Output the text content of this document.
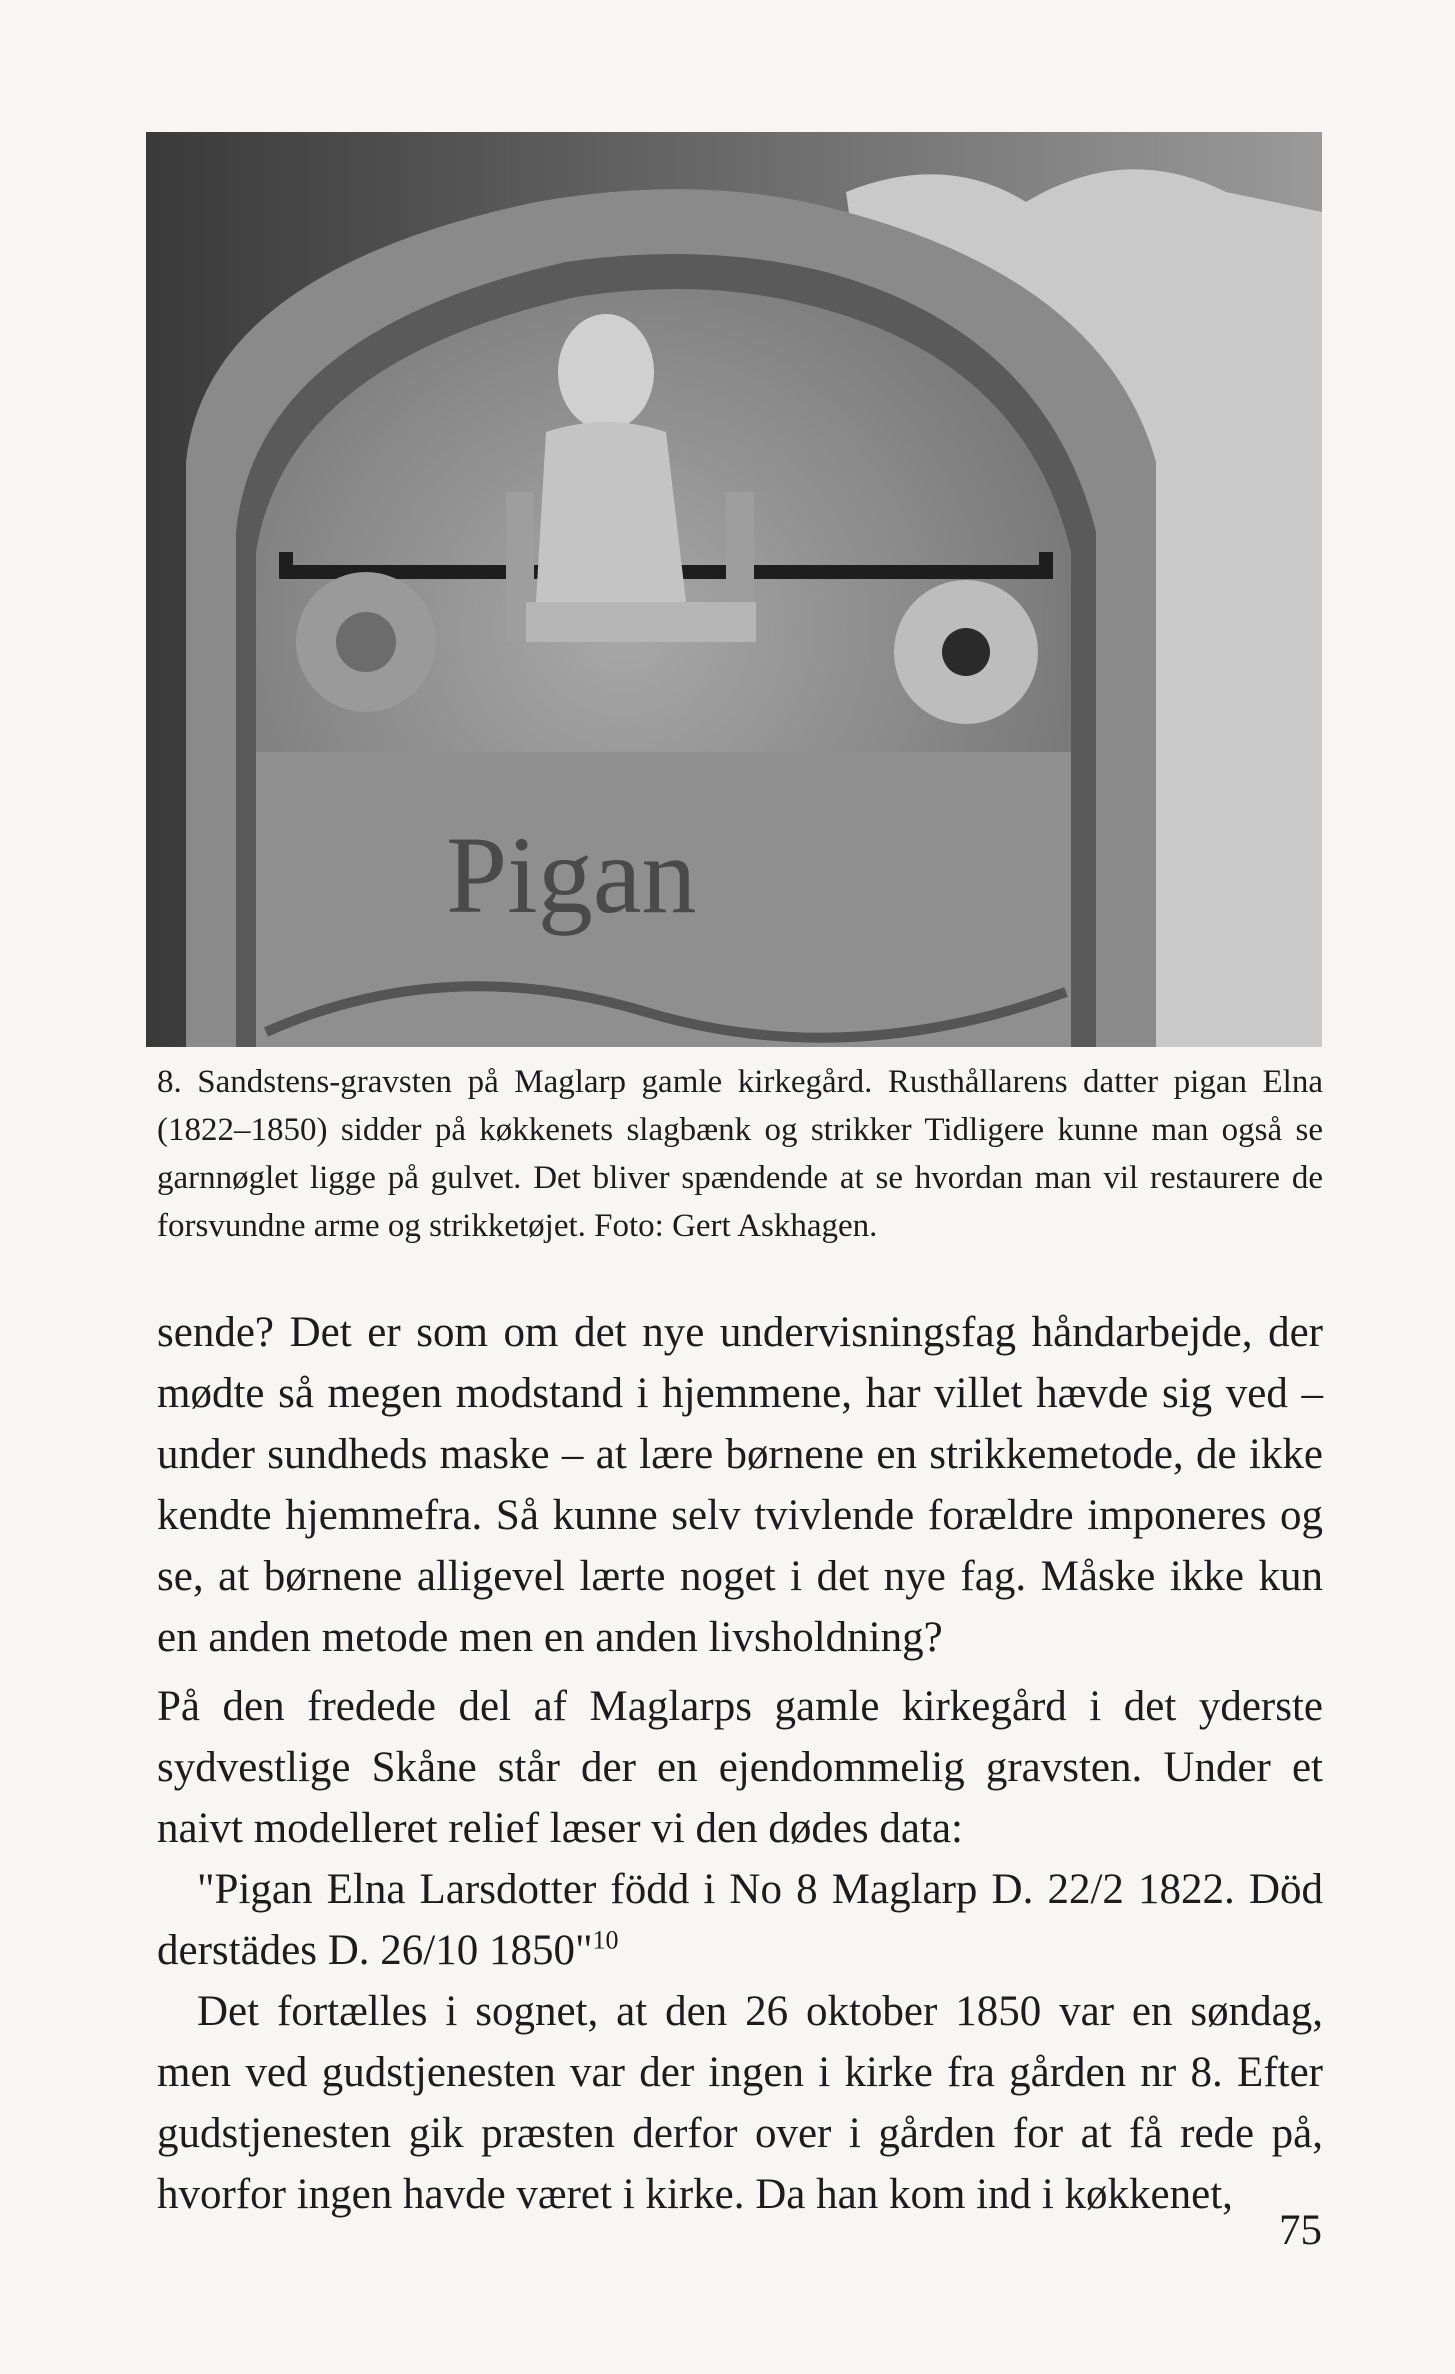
Pigan

8. Sandstens-gravsten på Maglarp gamle kirkegård. Rusthållarens datter pigan Elna (1822–1850) sidder på køkkenets slagbænk og strikker Tidligere kunne man også se garnnøglet ligge på gulvet. Det bliver spændende at se hvordan man vil restaurere de forsvundne arme og strikketøjet. Foto: Gert Askhagen.

sende? Det er som om det nye undervisningsfag håndarbejde, der mødte så megen modstand i hjemmene, har villet hævde sig ved – under sundheds maske – at lære børnene en strikkemetode, de ikke kendte hjemmefra. Så kunne selv tvivlende forældre imponeres og se, at børnene alligevel lærte noget i det nye fag. Måske ikke kun en anden metode men en anden livsholdning?

På den fredede del af Maglarps gamle kirkegård i det yderste sydvestlige Skåne står der en ejendommelig gravsten. Under et naivt modelleret relief læser vi den dødes data:
"Pigan Elna Larsdotter född i No 8 Maglarp D. 22/2 1822. Död derstädes D. 26/10 1850"$^{10}$
Det fortælles i sognet, at den 26 oktober 1850 var en søndag, men ved gudstjenesten var der ingen i kirke fra gården nr 8. Efter gudstjenesten gik præsten derfor over i gården for at få rede på, hvorfor ingen havde været i kirke. Da han kom ind i køkkenet,
75
